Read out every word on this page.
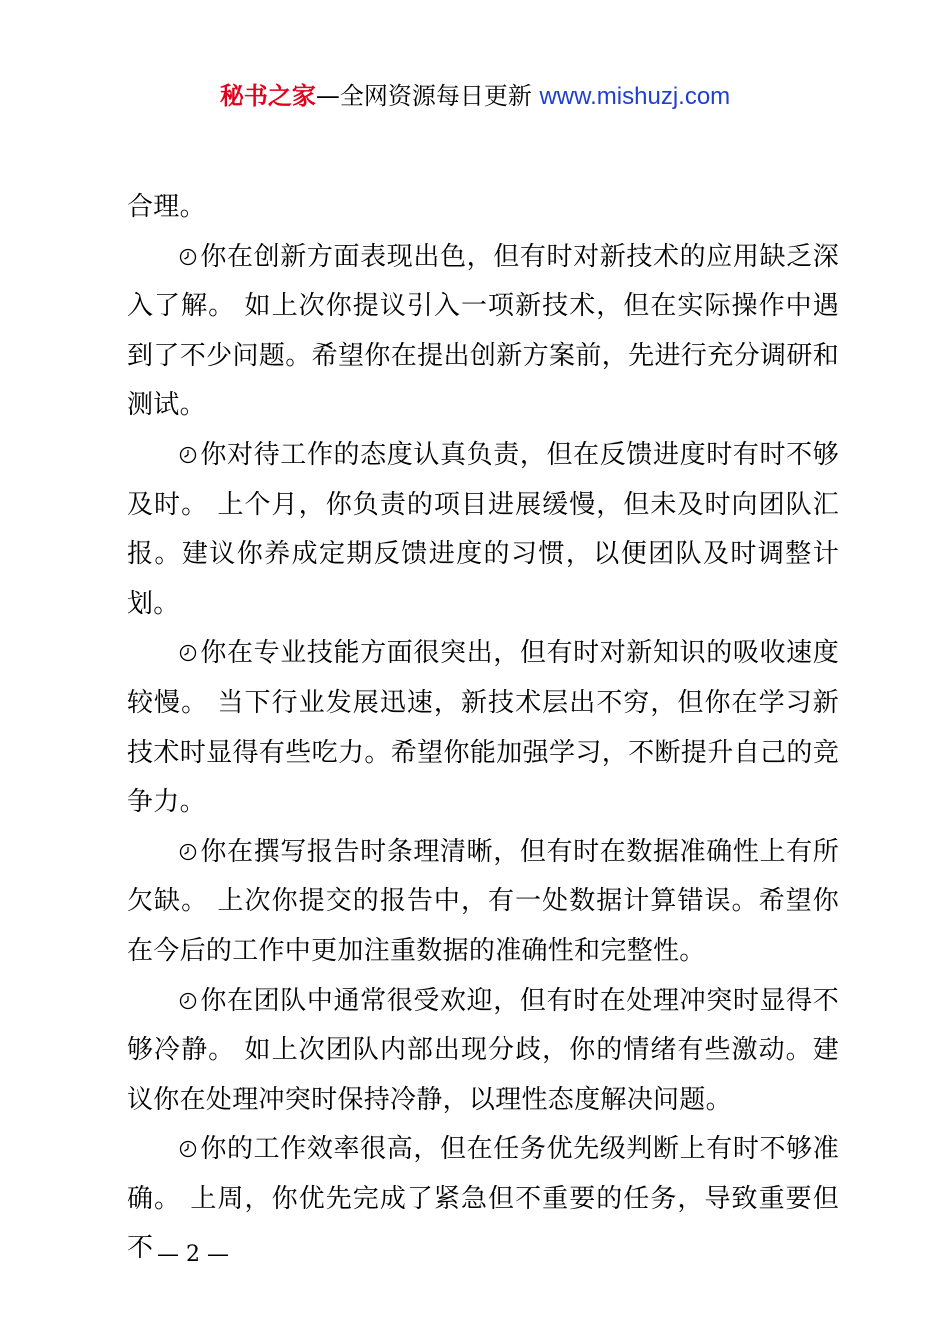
秘书之家—全网资源每日更新 www.mishuzj.com

合理。

你在创新方面表现出色，但有时对新技术的应用缺乏深入了解。 如上次你提议引入一项新技术，但在实际操作中遇到了不少问题。希望你在提出创新方案前，先进行充分调研和测试。

你对待工作的态度认真负责，但在反馈进度时有时不够及时。 上个月，你负责的项目进展缓慢，但未及时向团队汇报。建议你养成定期反馈进度的习惯，以便团队及时调整计划。

你在专业技能方面很突出，但有时对新知识的吸收速度较慢。 当下行业发展迅速，新技术层出不穷，但你在学习新技术时显得有些吃力。希望你能加强学习，不断提升自己的竞争力。

你在撰写报告时条理清晰，但有时在数据准确性上有所欠缺。 上次你提交的报告中，有一处数据计算错误。希望你在今后的工作中更加注重数据的准确性和完整性。

你在团队中通常很受欢迎，但有时在处理冲突时显得不够冷静。 如上次团队内部出现分歧，你的情绪有些激动。建议你在处理冲突时保持冷静，以理性态度解决问题。

你的工作效率很高，但在任务优先级判断上有时不够准确。 上周，你优先完成了紧急但不重要的任务，导致重要但不 — 2 —
